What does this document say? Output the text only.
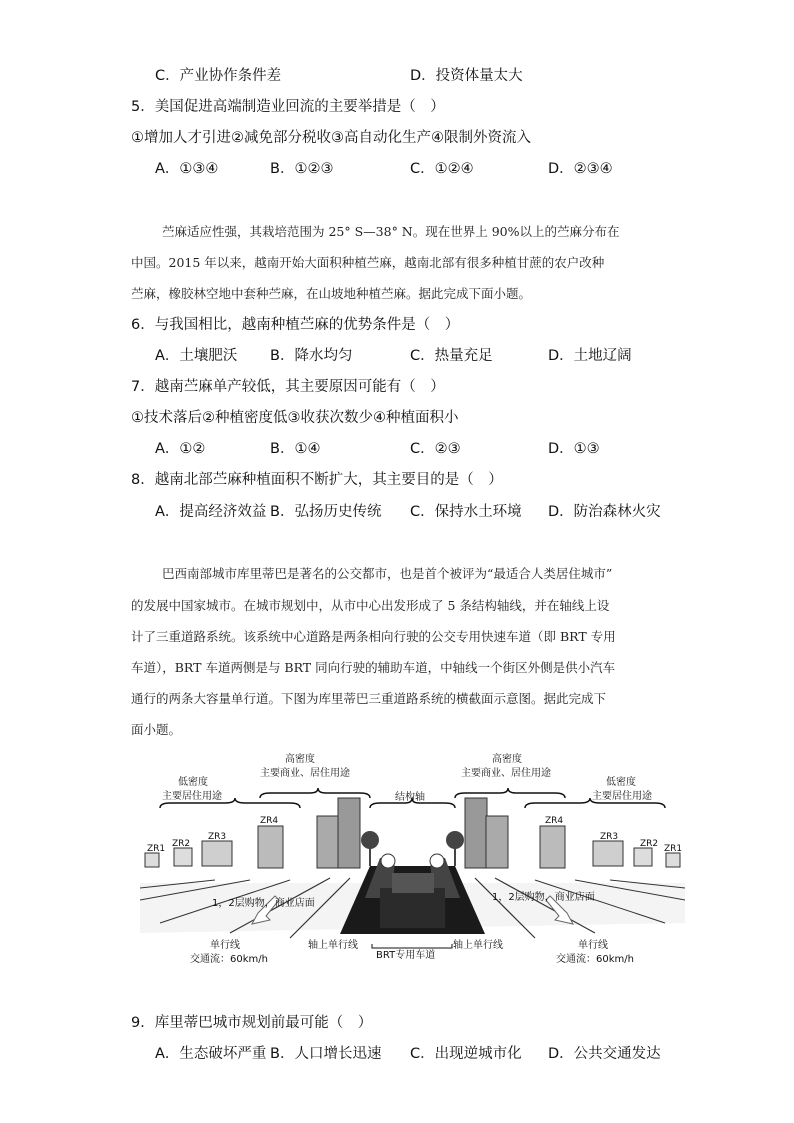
C．产业协作条件差	D．投资体量太大
5．美国促进高端制造业回流的主要举措是（　）
①增加人才引进②减免部分税收③高自动化生产④限制外资流入
A．①③④	B．①②③	C．①②④	D．②③④
苎麻适应性强，其栽培范围为 25° S—38° N。现在世界上 90%以上的苎麻分布在
中国。2015 年以来，越南开始大面积种植苎麻，越南北部有很多种植甘蔗的农户改种
苎麻，橡胶林空地中套种苎麻，在山坡地种植苎麻。据此完成下面小题。
6．与我国相比，越南种植苎麻的优势条件是（　）
A．土壤肥沃 B．降水均匀	C．热量充足	D．土地辽阔
7．越南苎麻单产较低，其主要原因可能有（　）
①技术落后②种植密度低③收获次数少④种植面积小
A．①②	B．①④	C．②③	D．①③
8．越南北部苎麻种植面积不断扩大，其主要目的是（　）
A．提高经济效益 B．弘扬历史传统 C．保持水土环境 D．防治森林火灾
巴西南部城市库里蒂巴是著名的公交都市，也是首个被评为“最适合人类居住城市”
的发展中国家城市。在城市规划中，从市中心出发形成了 5 条结构轴线，并在轴线上设
计了三重道路系统。该系统中心道路是两条相向行驶的公交专用快速车道（即 BRT 专用
车道），BRT 车道两侧是与 BRT 同向行驶的辅助车道，中轴线一个街区外侧是供小汽车
通行的两条大容量单行道。下图为库里蒂巴三重道路系统的横截面示意图。据此完成下
面小题。
低密度
主要居住用途
高密度
主要商业、居住用途
结构轴
高密度
主要商业、居住用途
低密度
主要居住用途
ZR1 ZR2
ZR3
ZR4	ZR4
ZR3
ZR2 ZR1
1，2层购物，商业店面
1，2层购物，商业店面
单行线
交通流：60km/h
轴上单行线
BRT专用车道
轴上单行线	单行线
交通流：60km/h
9．库里蒂巴城市规划前最可能（　）
A．生态破坏严重 B．人口增长迅速 C．出现逆城市化 D．公共交通发达
